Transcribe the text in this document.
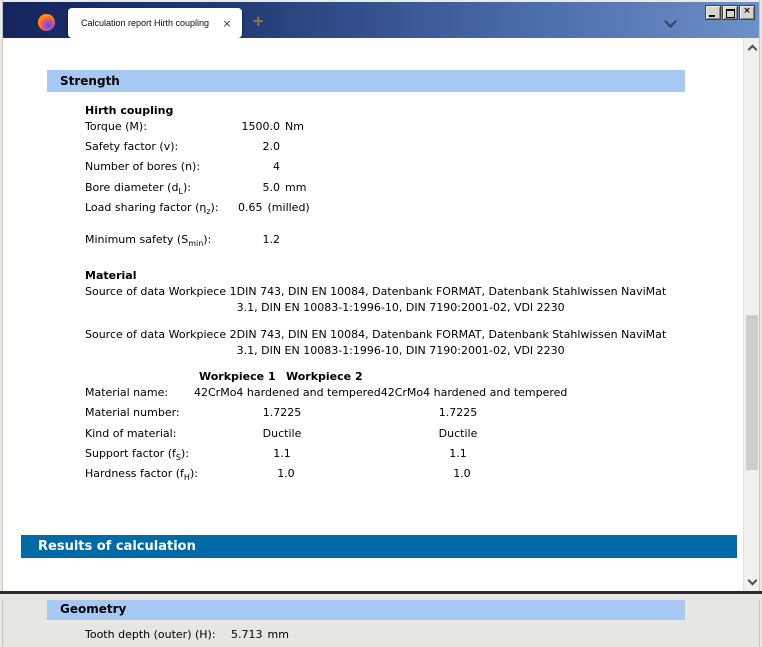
Calculation report Hirth coupling	×	+
×
Strength
Hirth coupling
Torque (M):	1500.0 Nm
Safety factor (v):	2.0
Number of bores (n):	4
Bore diameter $(d_L)$:	5.0 mm
Load sharing factor $(\eta_z)$:	0.65 (milled)
Minimum safety $(S_{min})$:	1.2
Material
Source of data Workpiece 1 DIN 743, DIN EN 10084, Datenbank FORMAT, Datenbank Stahlwissen NaviMat 3.1, DIN EN 10083-1:1996-10, DIN 7190:2001-02, VDI 2230
Source of data Workpiece 2 DIN 743, DIN EN 10084, Datenbank FORMAT, Datenbank Stahlwissen NaviMat 3.1, DIN EN 10083-1:1996-10, DIN 7190:2001-02, VDI 2230
Workpiece 1 Workpiece 2
Material name:	42CrMo4 hardened and tempered 42CrMo4 hardened and tempered
Material number:	1.7225	1.7225
Kind of material:	Ductile	Ductile
Support factor $(f_S)$:	1.1	1.1
Hardness factor $(f_H)$:	1.0	1.0
Results of calculation
Geometry
Tooth depth (outer) (H):	5.713 mm
